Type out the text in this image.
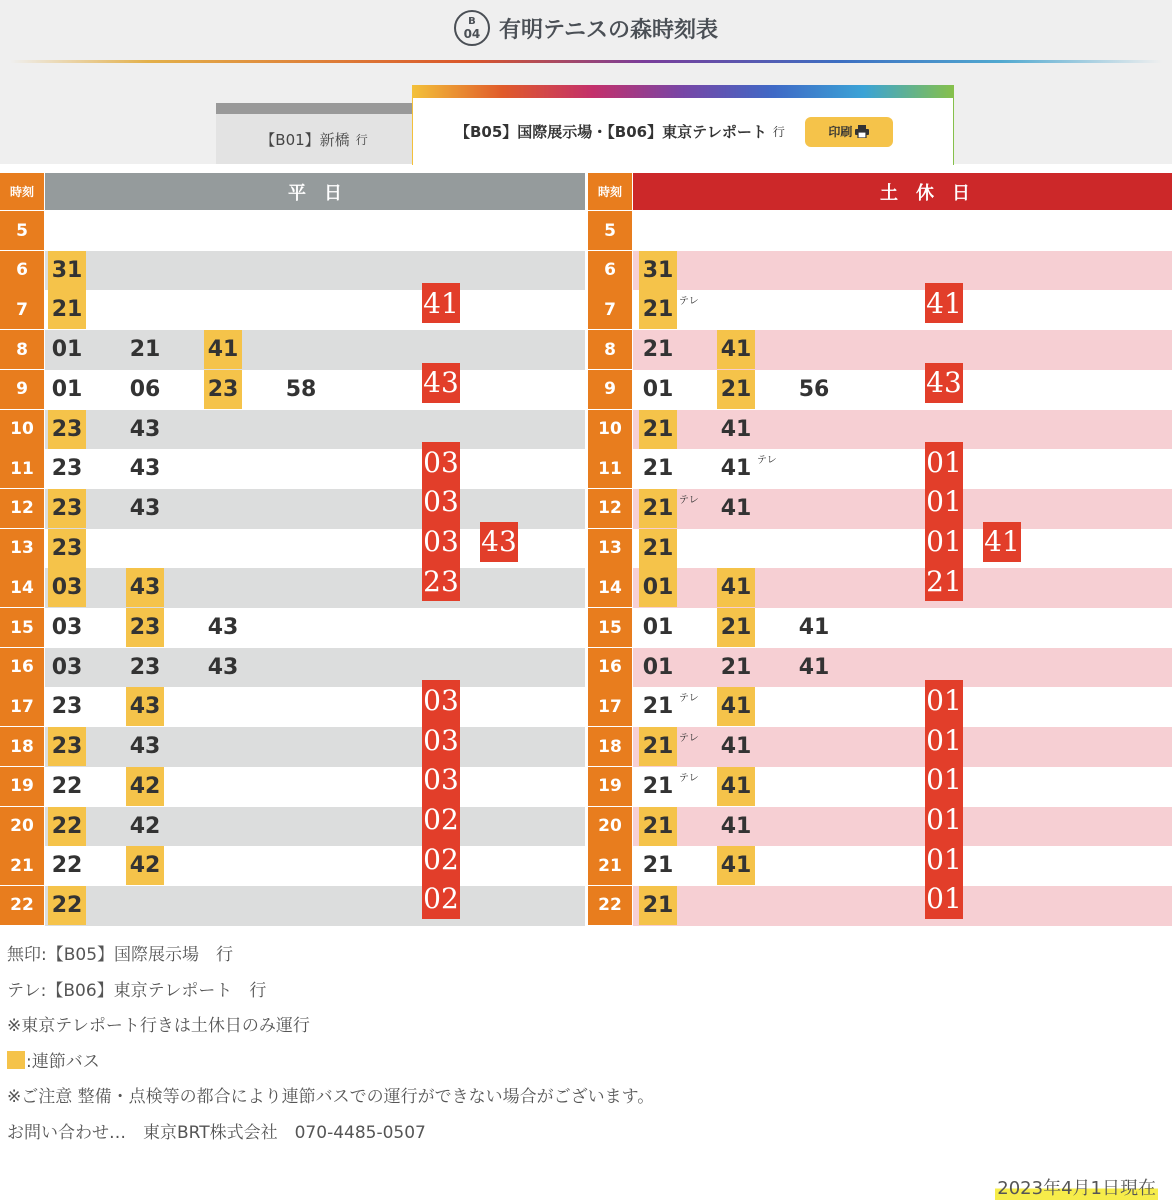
B
04 有明テニスの森時刻表
【B01】新橋 行	【B05】国際展示場・【B06】東京テレポート 行	印刷
時刻	平　日
5
6	31
7	21	41
8	01 21 41
9	01 06 23 58	43
10 23 43
11 23 43	03
12 23 43	03
13 23	03 43
14 03 43	23
15 03 23 43
16 03 23 43
17 23 43	03
18 23 43	03
19 22 42	03
20 22 42	02
21 22 42	02
22 22	02
時刻	土　休　日
5
6	31
7	21 テレ	41
8	21 41
9	01 21 56	43
10 21 41
11 21 41 テレ	01
12 21 テレ 41	01
13 21	01 41
14 01 41	21
15 01 21 41
16 01 21 41
17 21 テレ 41	01
18 21 テレ 41	01
19 21 テレ 41	01
20 21 41	01
21 21 41	01
22 21	01
無印:【B05】国際展示場　行
テレ:【B06】東京テレポート　行
※東京テレポート行きは土休日のみ運行
:連節バス
※ご注意 整備・点検等の都合により連節バスでの運行ができない場合がございます。
お問い合わせ…　東京BRT株式会社　070-4485-0507
2023年4月1日現在
